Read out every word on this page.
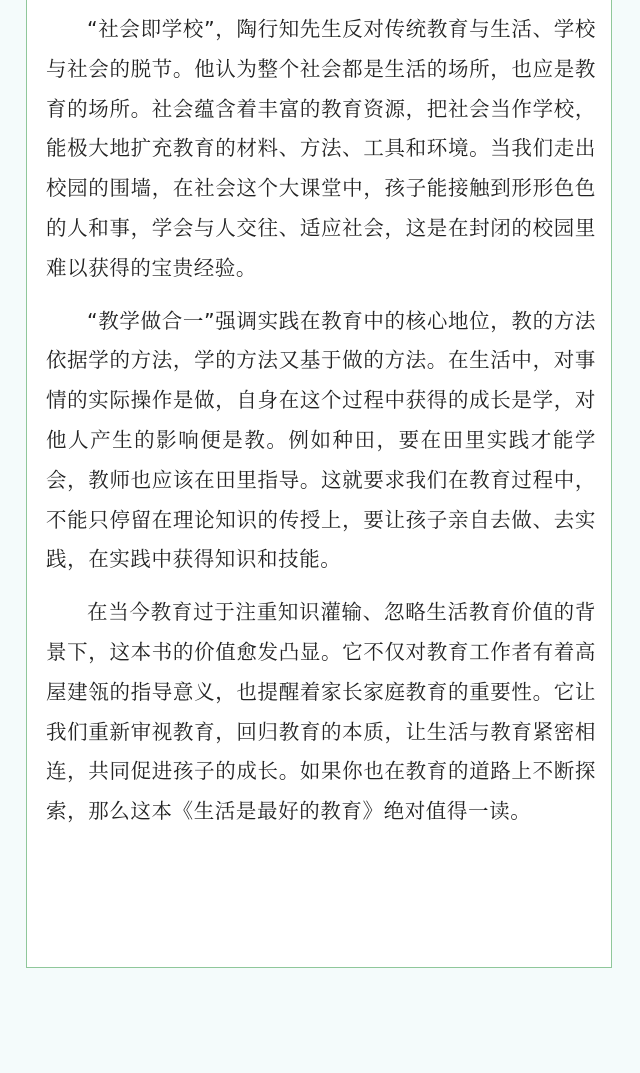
“社会即学校”，陶行知先生反对传统教育与生活、学校与社会的脱节。他认为整个社会都是生活的场所，也应是教育的场所。社会蕴含着丰富的教育资源，把社会当作学校，能极大地扩充教育的材料、方法、工具和环境。当我们走出校园的围墙，在社会这个大课堂中，孩子能接触到形形色色的人和事，学会与人交往、适应社会，这是在封闭的校园里难以获得的宝贵经验。

“教学做合一”强调实践在教育中的核心地位，教的方法依据学的方法，学的方法又基于做的方法。在生活中，对事情的实际操作是做，自身在这个过程中获得的成长是学，对他人产生的影响便是教。例如种田，要在田里实践才能学会，教师也应该在田里指导。这就要求我们在教育过程中，不能只停留在理论知识的传授上，要让孩子亲自去做、去实践，在实践中获得知识和技能。

在当今教育过于注重知识灌输、忽略生活教育价值的背景下，这本书的价值愈发凸显。它不仅对教育工作者有着高屋建瓴的指导意义，也提醒着家长家庭教育的重要性。它让我们重新审视教育，回归教育的本质，让生活与教育紧密相连，共同促进孩子的成长。如果你也在教育的道路上不断探索，那么这本《生活是最好的教育》绝对值得一读。
